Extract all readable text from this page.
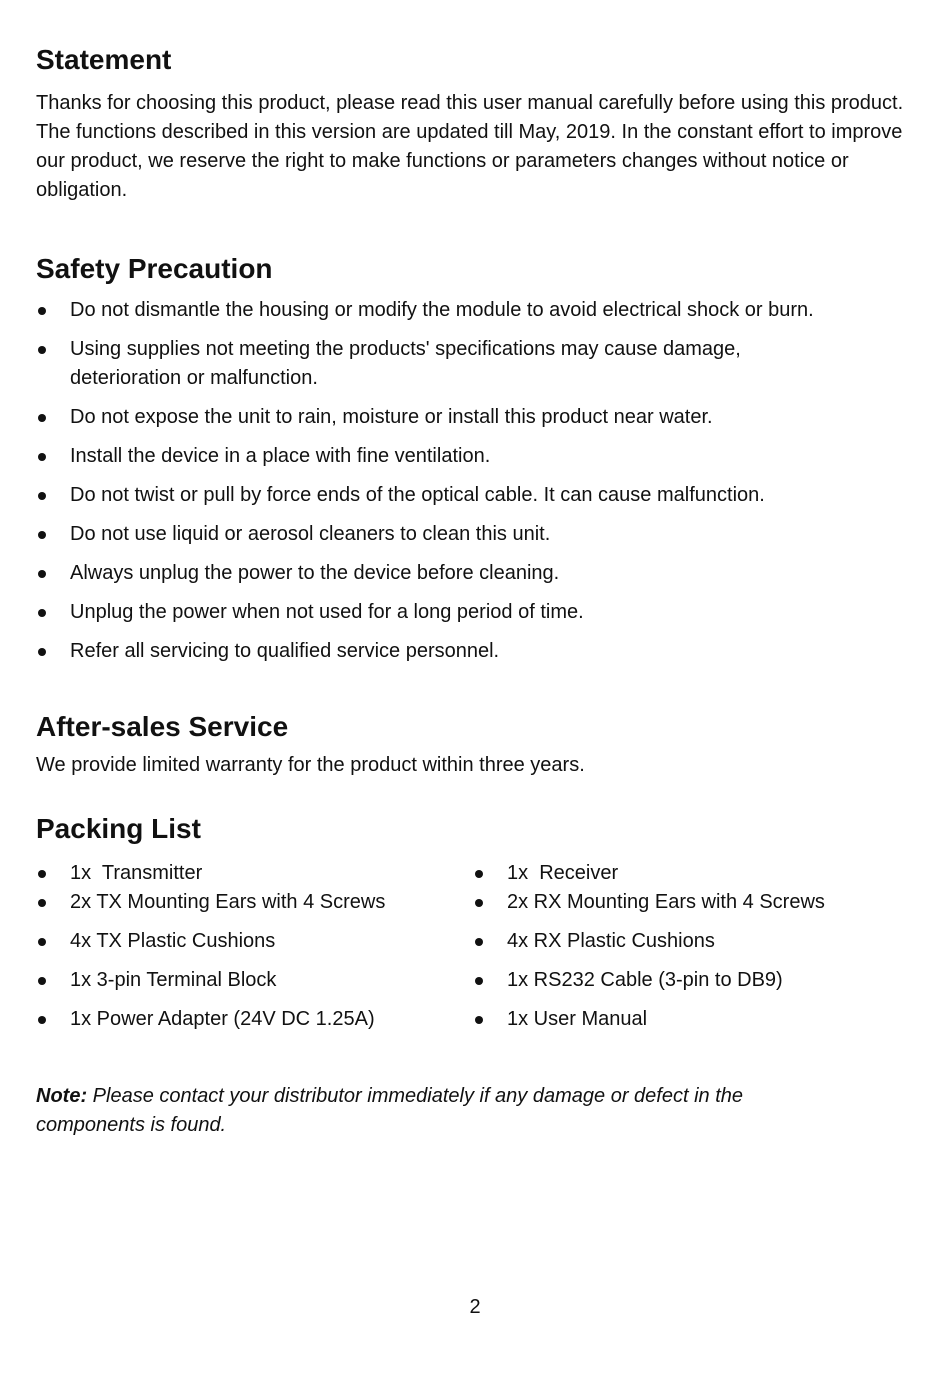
Statement

Thanks for choosing this product, please read this user manual carefully before using this product. The functions described in this version are updated till May, 2019. In the constant effort to improve our product, we reserve the right to make functions or parameters changes without notice or obligation.

Safety Precaution
Do not dismantle the housing or modify the module to avoid electrical shock or burn.
Using supplies not meeting the products' specifications may cause damage, deterioration or malfunction.
Do not expose the unit to rain, moisture or install this product near water.
Install the device in a place with fine ventilation.
Do not twist or pull by force ends of the optical cable. It can cause malfunction.
Do not use liquid or aerosol cleaners to clean this unit.
Always unplug the power to the device before cleaning.
Unplug the power when not used for a long period of time.
Refer all servicing to qualified service personnel.
After-sales Service

We provide limited warranty for the product within three years.

Packing List
1x  Transmitter
2x TX Mounting Ears with 4 Screws
4x TX Plastic Cushions
1x 3-pin Terminal Block
1x Power Adapter (24V DC 1.25A)
1x  Receiver
2x RX Mounting Ears with 4 Screws
4x RX Plastic Cushions
1x RS232 Cable (3-pin to DB9)
1x User Manual
Note: Please contact your distributor immediately if any damage or defect in the components is found.
2
